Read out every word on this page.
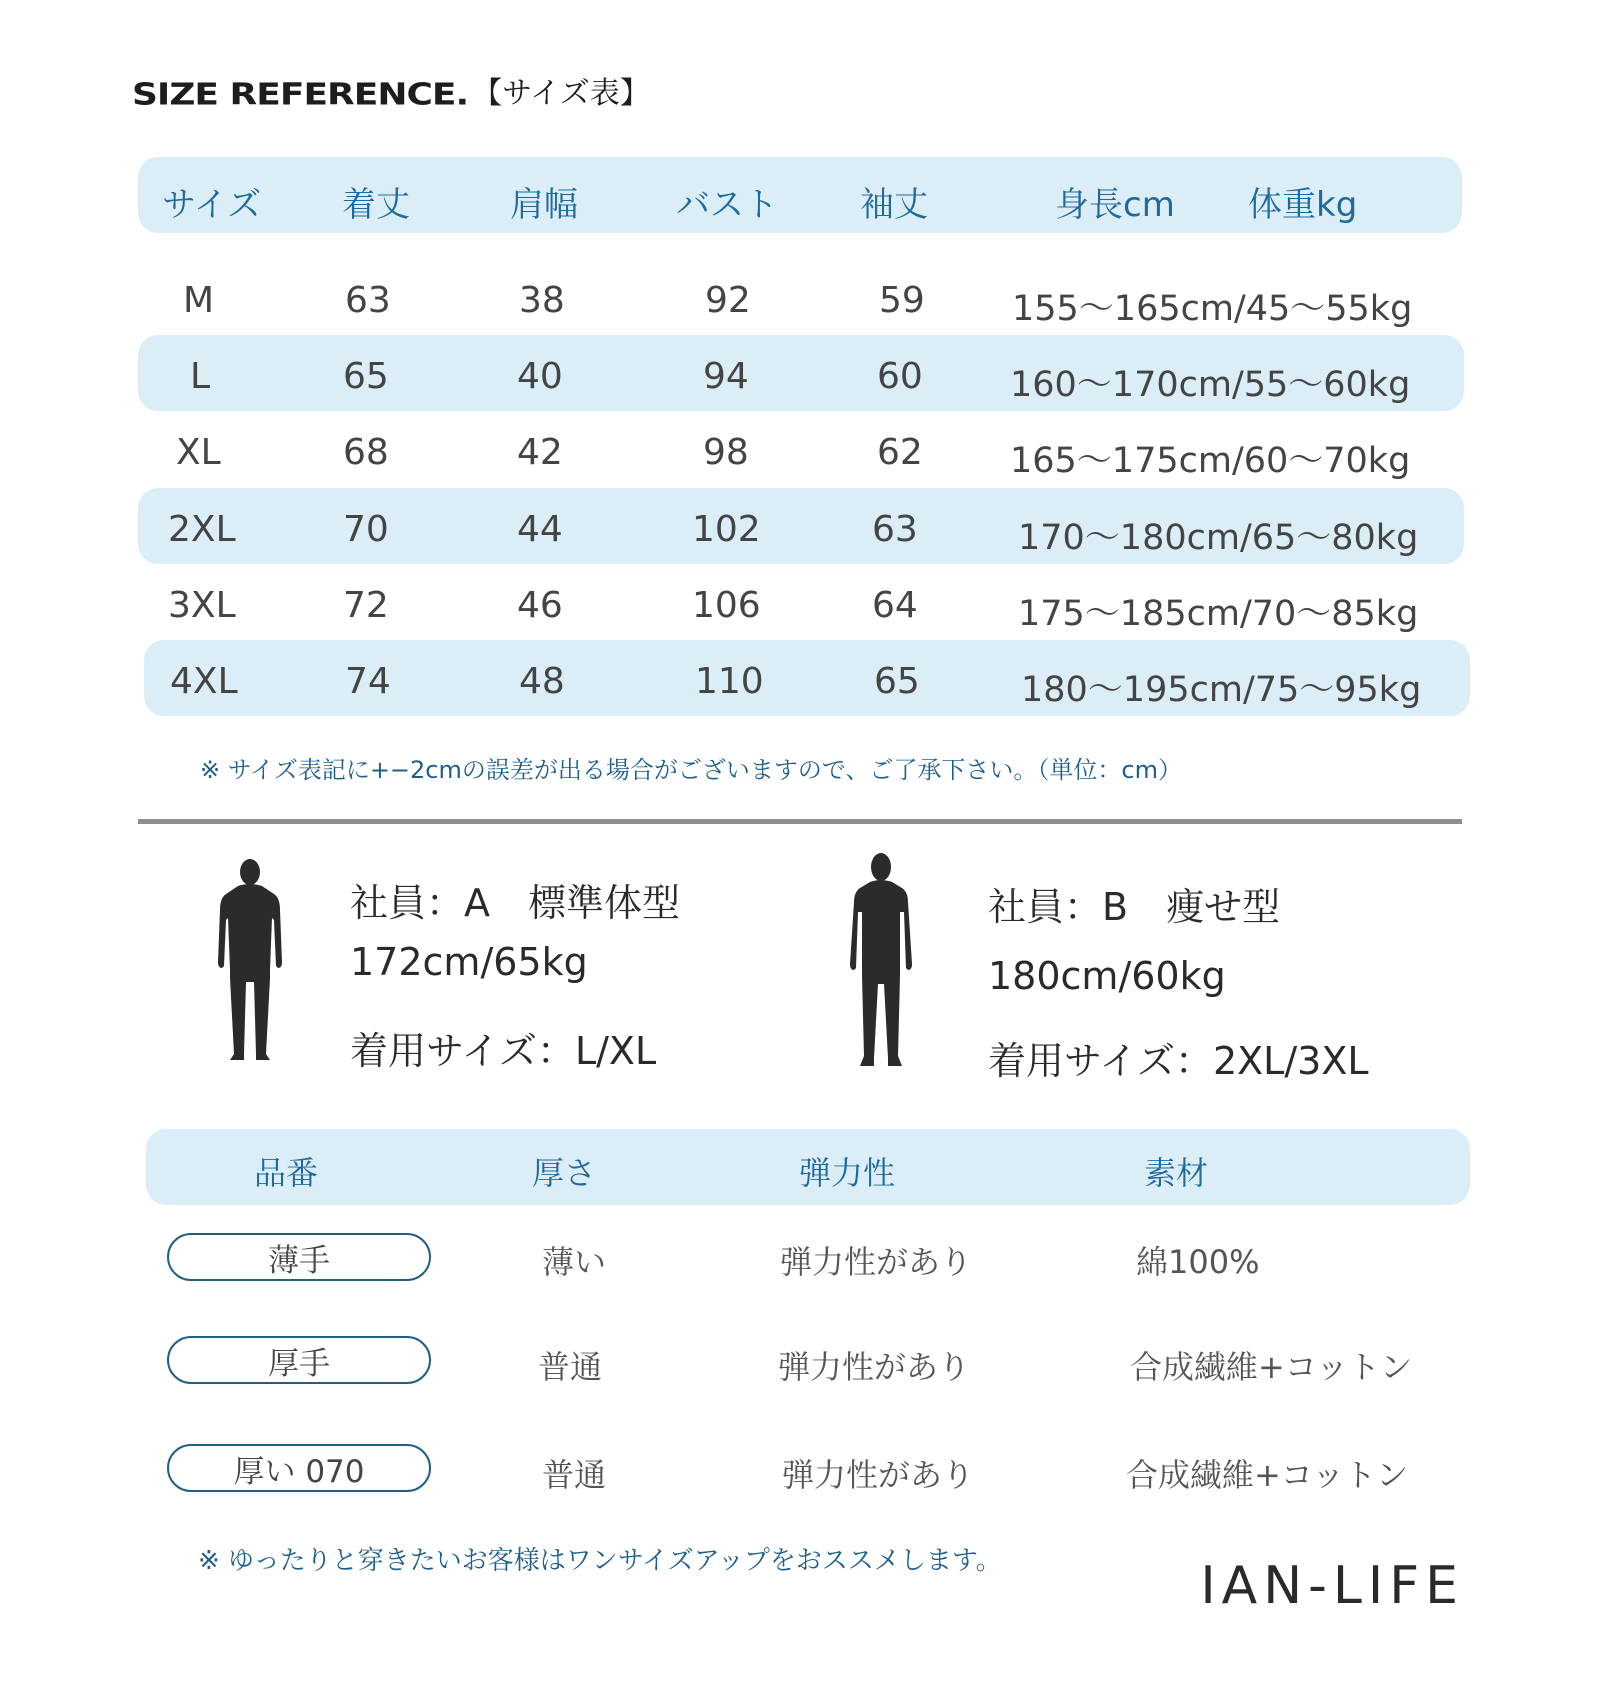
SIZE REFERENCE. 【サイズ表】
サイズ 着丈	肩幅	バスト 袖丈	身長cm 体重kg
M	63	38	92	59 155〜165cm/45〜55kg
L	65	40	94	60 160〜170cm/55〜60kg
XL	68	42	98	62 165〜175cm/60〜70kg
2XL	70	44	102	63	170〜180cm/65〜80kg
3XL	72	46	106	64	175〜185cm/70〜85kg
4XL	74	48	110	65	180〜195cm/75〜95kg
※ サイズ表記に+−2cmの誤差が出る場合がございますので、ご了承下さい。（単位：cm）
社員：A　標準体型
172cm/65kg
着用サイズ：L/XL
社員：B　痩せ型
180cm/60kg
着用サイズ：2XL/3XL
品番	厚さ	弾力性	素材
薄手	薄い	弾力性があり	綿100%
厚手	普通	弾力性があり	合成繊維+コットン
厚い 070	普通	弾力性があり	合成繊維+コットン
※ ゆったりと穿きたいお客様はワンサイズアップをおススメします。	IAN-LIFE
